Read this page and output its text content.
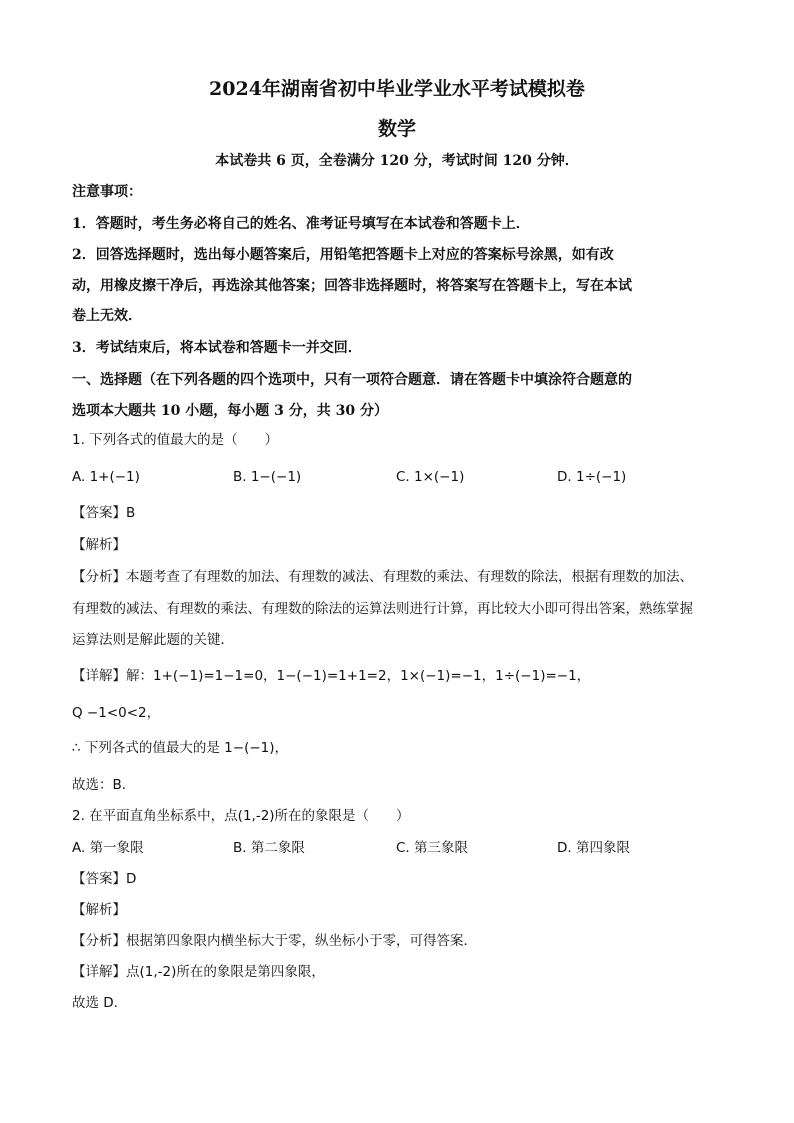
2024年湖南省初中毕业学业水平考试模拟卷
数学
本试卷共 6 页，全卷满分 120 分，考试时间 120 分钟．
注意事项：
1．答题时，考生务必将自己的姓名、准考证号填写在本试卷和答题卡上．
2．回答选择题时，选出每小题答案后，用铅笔把答题卡上对应的答案标号涂黑，如有改
动，用橡皮擦干净后，再选涂其他答案；回答非选择题时，将答案写在答题卡上，写在本试
卷上无效．
3．考试结束后，将本试卷和答题卡一并交回．
一、选择题（在下列各题的四个选项中，只有一项符合题意．请在答题卡中填涂符合题意的
选项本大题共 10 小题，每小题 3 分，共 30 分）
1. 下列各式的值最大的是（　　）
A. 1+(−1)	B. 1−(−1)	C. 1×(−1)	D. 1÷(−1)
【答案】B
【解析】
【分析】本题考查了有理数的加法、有理数的减法、有理数的乘法、有理数的除法，根据有理数的加法、
有理数的减法、有理数的乘法、有理数的除法的运算法则进行计算，再比较大小即可得出答案，熟练掌握
运算法则是解此题的关键．
【详解】解：1+(−1)=1−1=0，1−(−1)=1+1=2，1×(−1)=−1，1÷(−1)=−1，
Q −1<0<2，
∴ 下列各式的值最大的是 1−(−1)，
故选：B．
2. 在平面直角坐标系中，点(1,-2)所在的象限是（　　）
A. 第一象限	B. 第二象限	C. 第三象限	D. 第四象限
【答案】D
【解析】
【分析】根据第四象限内横坐标大于零，纵坐标小于零，可得答案．
【详解】点(1,-2)所在的象限是第四象限，
故选 D.
